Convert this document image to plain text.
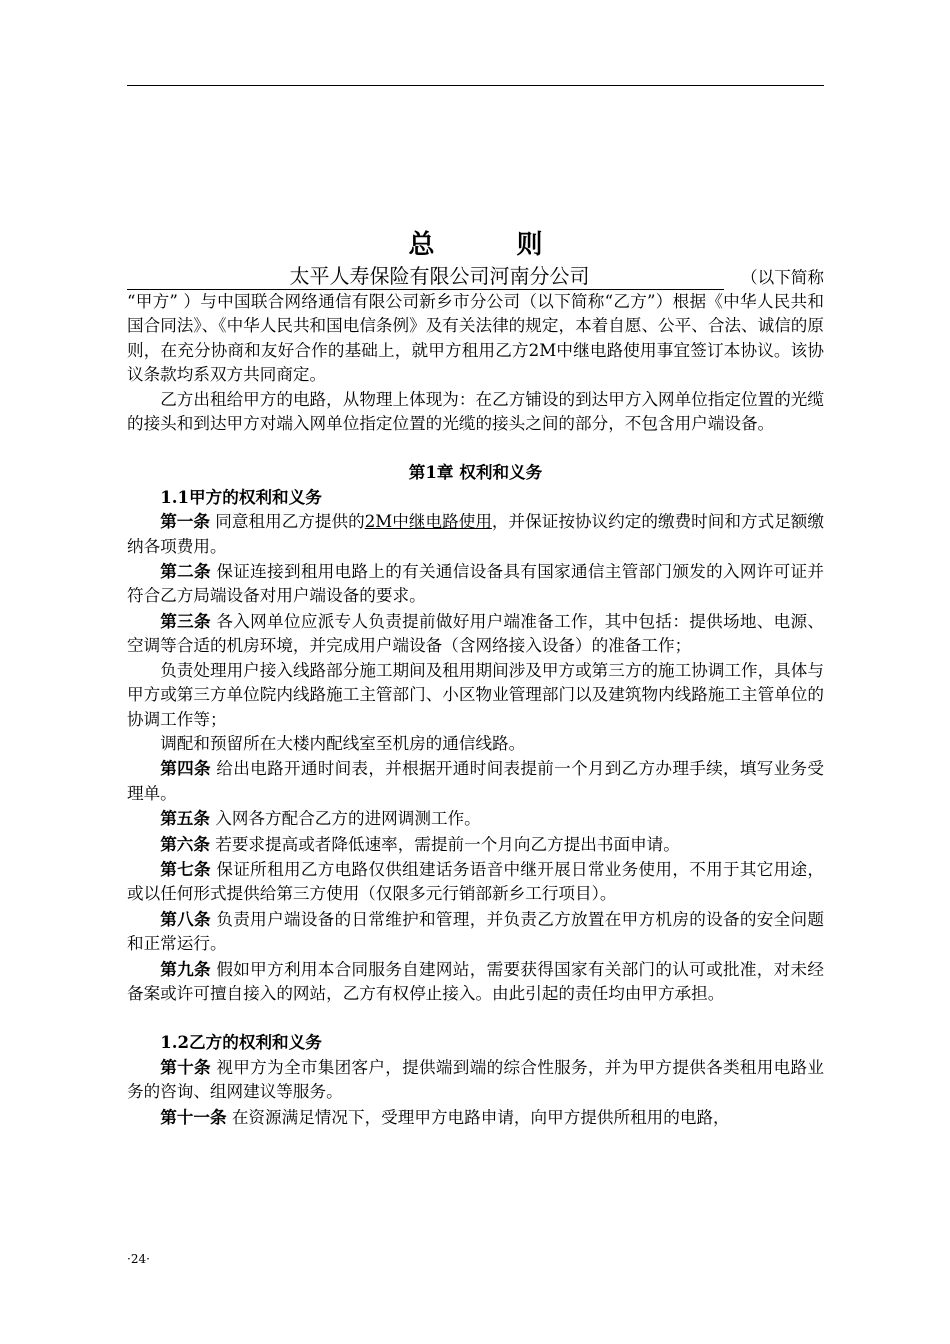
总　则
太平人寿保险有限公司河南分公司	（以下简称

“甲方” ）与中国联合网络通信有限公司新乡市分公司（以下简称“乙方”）根据《中华人民共和国合同法》、《中华人民共和国电信条例》及有关法律的规定，本着自愿、公平、合法、诚信的原则，在充分协商和友好合作的基础上，就甲方租用乙方2M中继电路使用事宜签订本协议。该协议条款均系双方共同商定。

乙方出租给甲方的电路，从物理上体现为：在乙方铺设的到达甲方入网单位指定位置的光缆的接头和到达甲方对端入网单位指定位置的光缆的接头之间的部分，不包含用户端设备。

第1章 权利和义务
1.1甲方的权利和义务

第一条 同意租用乙方提供的2M中继电路使用，并保证按协议约定的缴费时间和方式足额缴纳各项费用。

第二条 保证连接到租用电路上的有关通信设备具有国家通信主管部门颁发的入网许可证并符合乙方局端设备对用户端设备的要求。

第三条 各入网单位应派专人负责提前做好用户端准备工作，其中包括：提供场地、电源、空调等合适的机房环境，并完成用户端设备（含网络接入设备）的准备工作；

负责处理用户接入线路部分施工期间及租用期间涉及甲方或第三方的施工协调工作，具体与甲方或第三方单位院内线路施工主管部门、小区物业管理部门以及建筑物内线路施工主管单位的协调工作等；

调配和预留所在大楼内配线室至机房的通信线路。

第四条 给出电路开通时间表，并根据开通时间表提前一个月到乙方办理手续，填写业务受理单。

第五条 入网各方配合乙方的进网调测工作。

第六条 若要求提高或者降低速率，需提前一个月向乙方提出书面申请。

第七条 保证所租用乙方电路仅供组建话务语音中继开展日常业务使用，不用于其它用途，或以任何形式提供给第三方使用（仅限多元行销部新乡工行项目）。

第八条 负责用户端设备的日常维护和管理，并负责乙方放置在甲方机房的设备的安全问题和正常运行。

第九条 假如甲方利用本合同服务自建网站，需要获得国家有关部门的认可或批准，对未经备案或许可擅自接入的网站，乙方有权停止接入。由此引起的责任均由甲方承担。

1.2乙方的权利和义务

第十条 视甲方为全市集团客户，提供端到端的综合性服务，并为甲方提供各类租用电路业务的咨询、组网建议等服务。

第十一条 在资源满足情况下，受理甲方电路申请，向甲方提供所租用的电路，

·24·
